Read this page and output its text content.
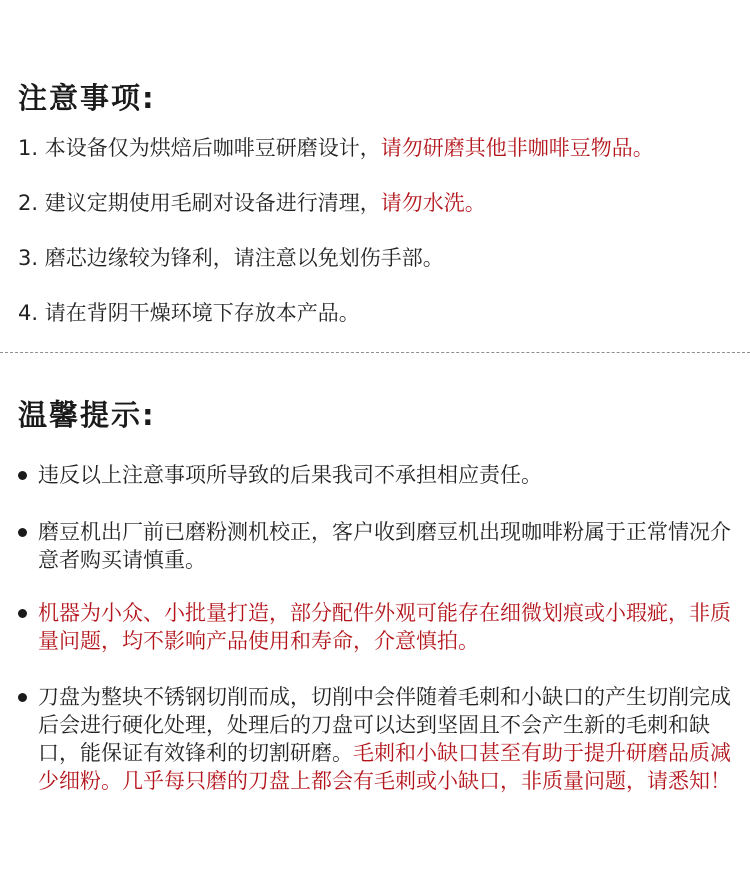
注意事项:
1. 本设备仅为烘焙后咖啡豆研磨设计，请勿研磨其他非咖啡豆物品。
2. 建议定期使用毛刷对设备进行清理，请勿水洗。
3. 磨芯边缘较为锋利，请注意以免划伤手部。
4. 请在背阴干燥环境下存放本产品。
温馨提示:
违反以上注意事项所导致的后果我司不承担相应责任。
磨豆机出厂前已磨粉测机校正，客户收到磨豆机出现咖啡粉属于正常情况介意者购买请慎重。
机器为小众、小批量打造，部分配件外观可能存在细微划痕或小瑕疵，非质量问题，均不影响产品使用和寿命，介意慎拍。
刀盘为整块不锈钢切削而成，切削中会伴随着毛刺和小缺口的产生切削完成后会进行硬化处理，处理后的刀盘可以达到坚固且不会产生新的毛刺和缺口，能保证有效锋利的切割研磨。毛刺和小缺口甚至有助于提升研磨品质减少细粉。几乎每只磨的刀盘上都会有毛刺或小缺口，非质量问题，请悉知！
